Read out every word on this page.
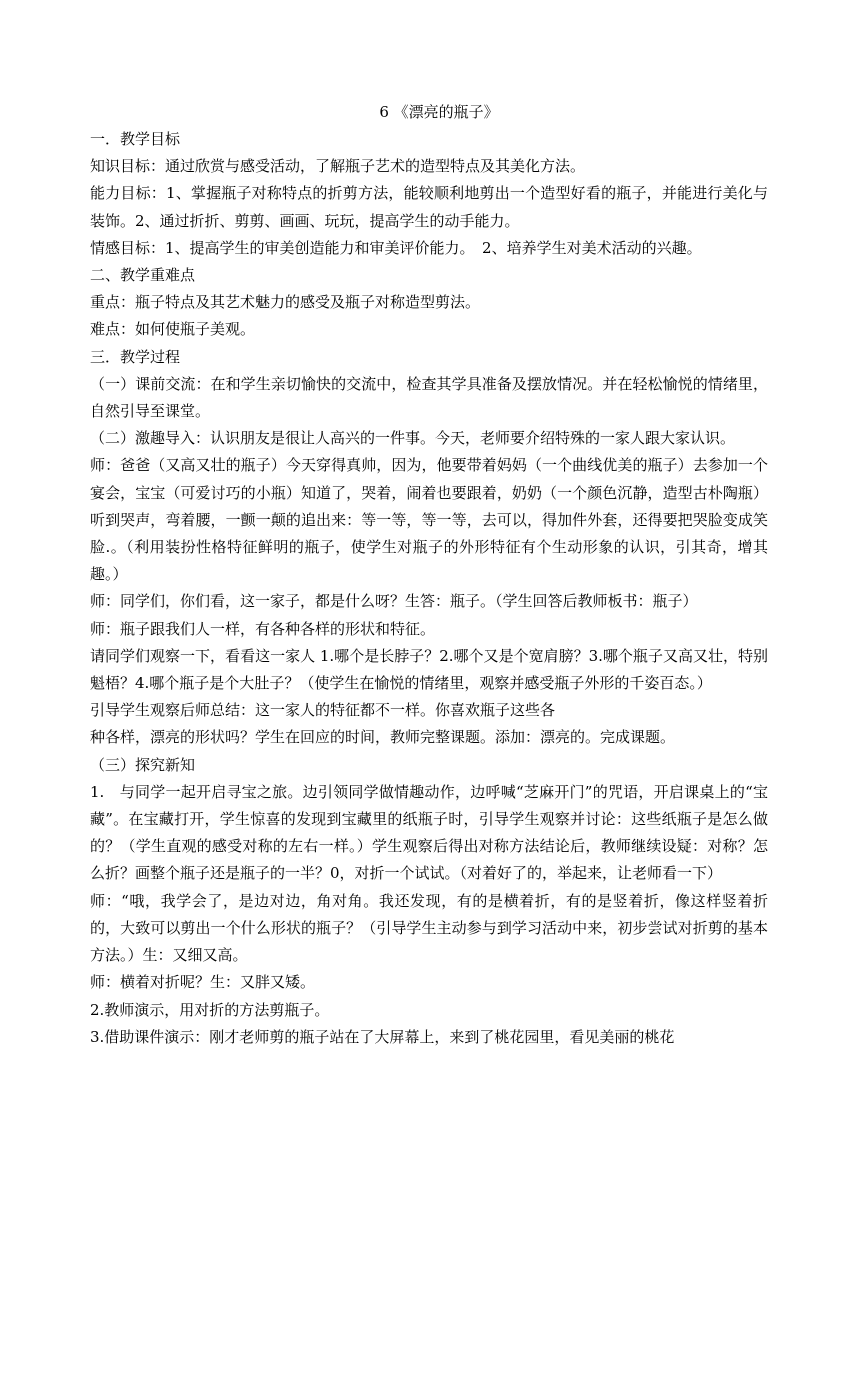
6 《漂亮的瓶子》

一．教学目标

知识目标：通过欣赏与感受活动，了解瓶子艺术的造型特点及其美化方法。

能力目标：1、掌握瓶子对称特点的折剪方法，能较顺利地剪出一个造型好看的瓶子，并能进行美化与装饰。2、通过折折、剪剪、画画、玩玩，提高学生的动手能力。

情感目标：1、提高学生的审美创造能力和审美评价能力。　2、培养学生对美术活动的兴趣。

二、教学重难点

重点：瓶子特点及其艺术魅力的感受及瓶子对称造型剪法。

难点：如何使瓶子美观。

三．教学过程

（一）课前交流：在和学生亲切愉快的交流中，检查其学具准备及摆放情况。并在轻松愉悦的情绪里，自然引导至课堂。

（二）激趣导入：认识朋友是很让人高兴的一件事。今天，老师要介绍特殊的一家人跟大家认识。

师：爸爸（又高又壮的瓶子）今天穿得真帅，因为，他要带着妈妈（一个曲线优美的瓶子）去参加一个宴会，宝宝（可爱讨巧的小瓶）知道了，哭着，闹着也要跟着，奶奶（一个颜色沉静，造型古朴陶瓶）听到哭声，弯着腰，一颤一颠的追出来：等一等，等一等，去可以，得加件外套，还得要把哭脸变成笑脸.。（利用装扮性格特征鲜明的瓶子，使学生对瓶子的外形特征有个生动形象的认识，引其奇，增其趣。）

师：同学们，你们看，这一家子，都是什么呀？生答：瓶子。（学生回答后教师板书：瓶子）

师：瓶子跟我们人一样，有各种各样的形状和特征。

请同学们观察一下，看看这一家人 1.哪个是长脖子？2.哪个又是个宽肩膀？3.哪个瓶子又高又壮，特别魁梧？4.哪个瓶子是个大肚子？（使学生在愉悦的情绪里，观察并感受瓶子外形的千姿百态。）

引导学生观察后师总结：这一家人的特征都不一样。你喜欢瓶子这些各

种各样，漂亮的形状吗？学生在回应的时间，教师完整课题。添加：漂亮的。完成课题。

（三）探究新知

1.　与同学一起开启寻宝之旅。边引领同学做情趣动作，边呼喊“芝麻开门”的咒语，开启课桌上的“宝藏”。在宝藏打开，学生惊喜的发现到宝藏里的纸瓶子时，引导学生观察并讨论：这些纸瓶子是怎么做的？（学生直观的感受对称的左右一样。）学生观察后得出对称方法结论后，教师继续设疑：对称？怎么折？画整个瓶子还是瓶子的一半？0，对折一个试试。（对着好了的，举起来，让老师看一下）

师：“哦，我学会了，是边对边，角对角。我还发现，有的是横着折，有的是竖着折，像这样竖着折的，大致可以剪出一个什么形状的瓶子？（引导学生主动参与到学习活动中来，初步尝试对折剪的基本方法。）生：又细又高。

师：横着对折呢？生：又胖又矮。

2.教师演示，用对折的方法剪瓶子。

3.借助课件演示：刚才老师剪的瓶子站在了大屏幕上，来到了桃花园里，看见美丽的桃花
